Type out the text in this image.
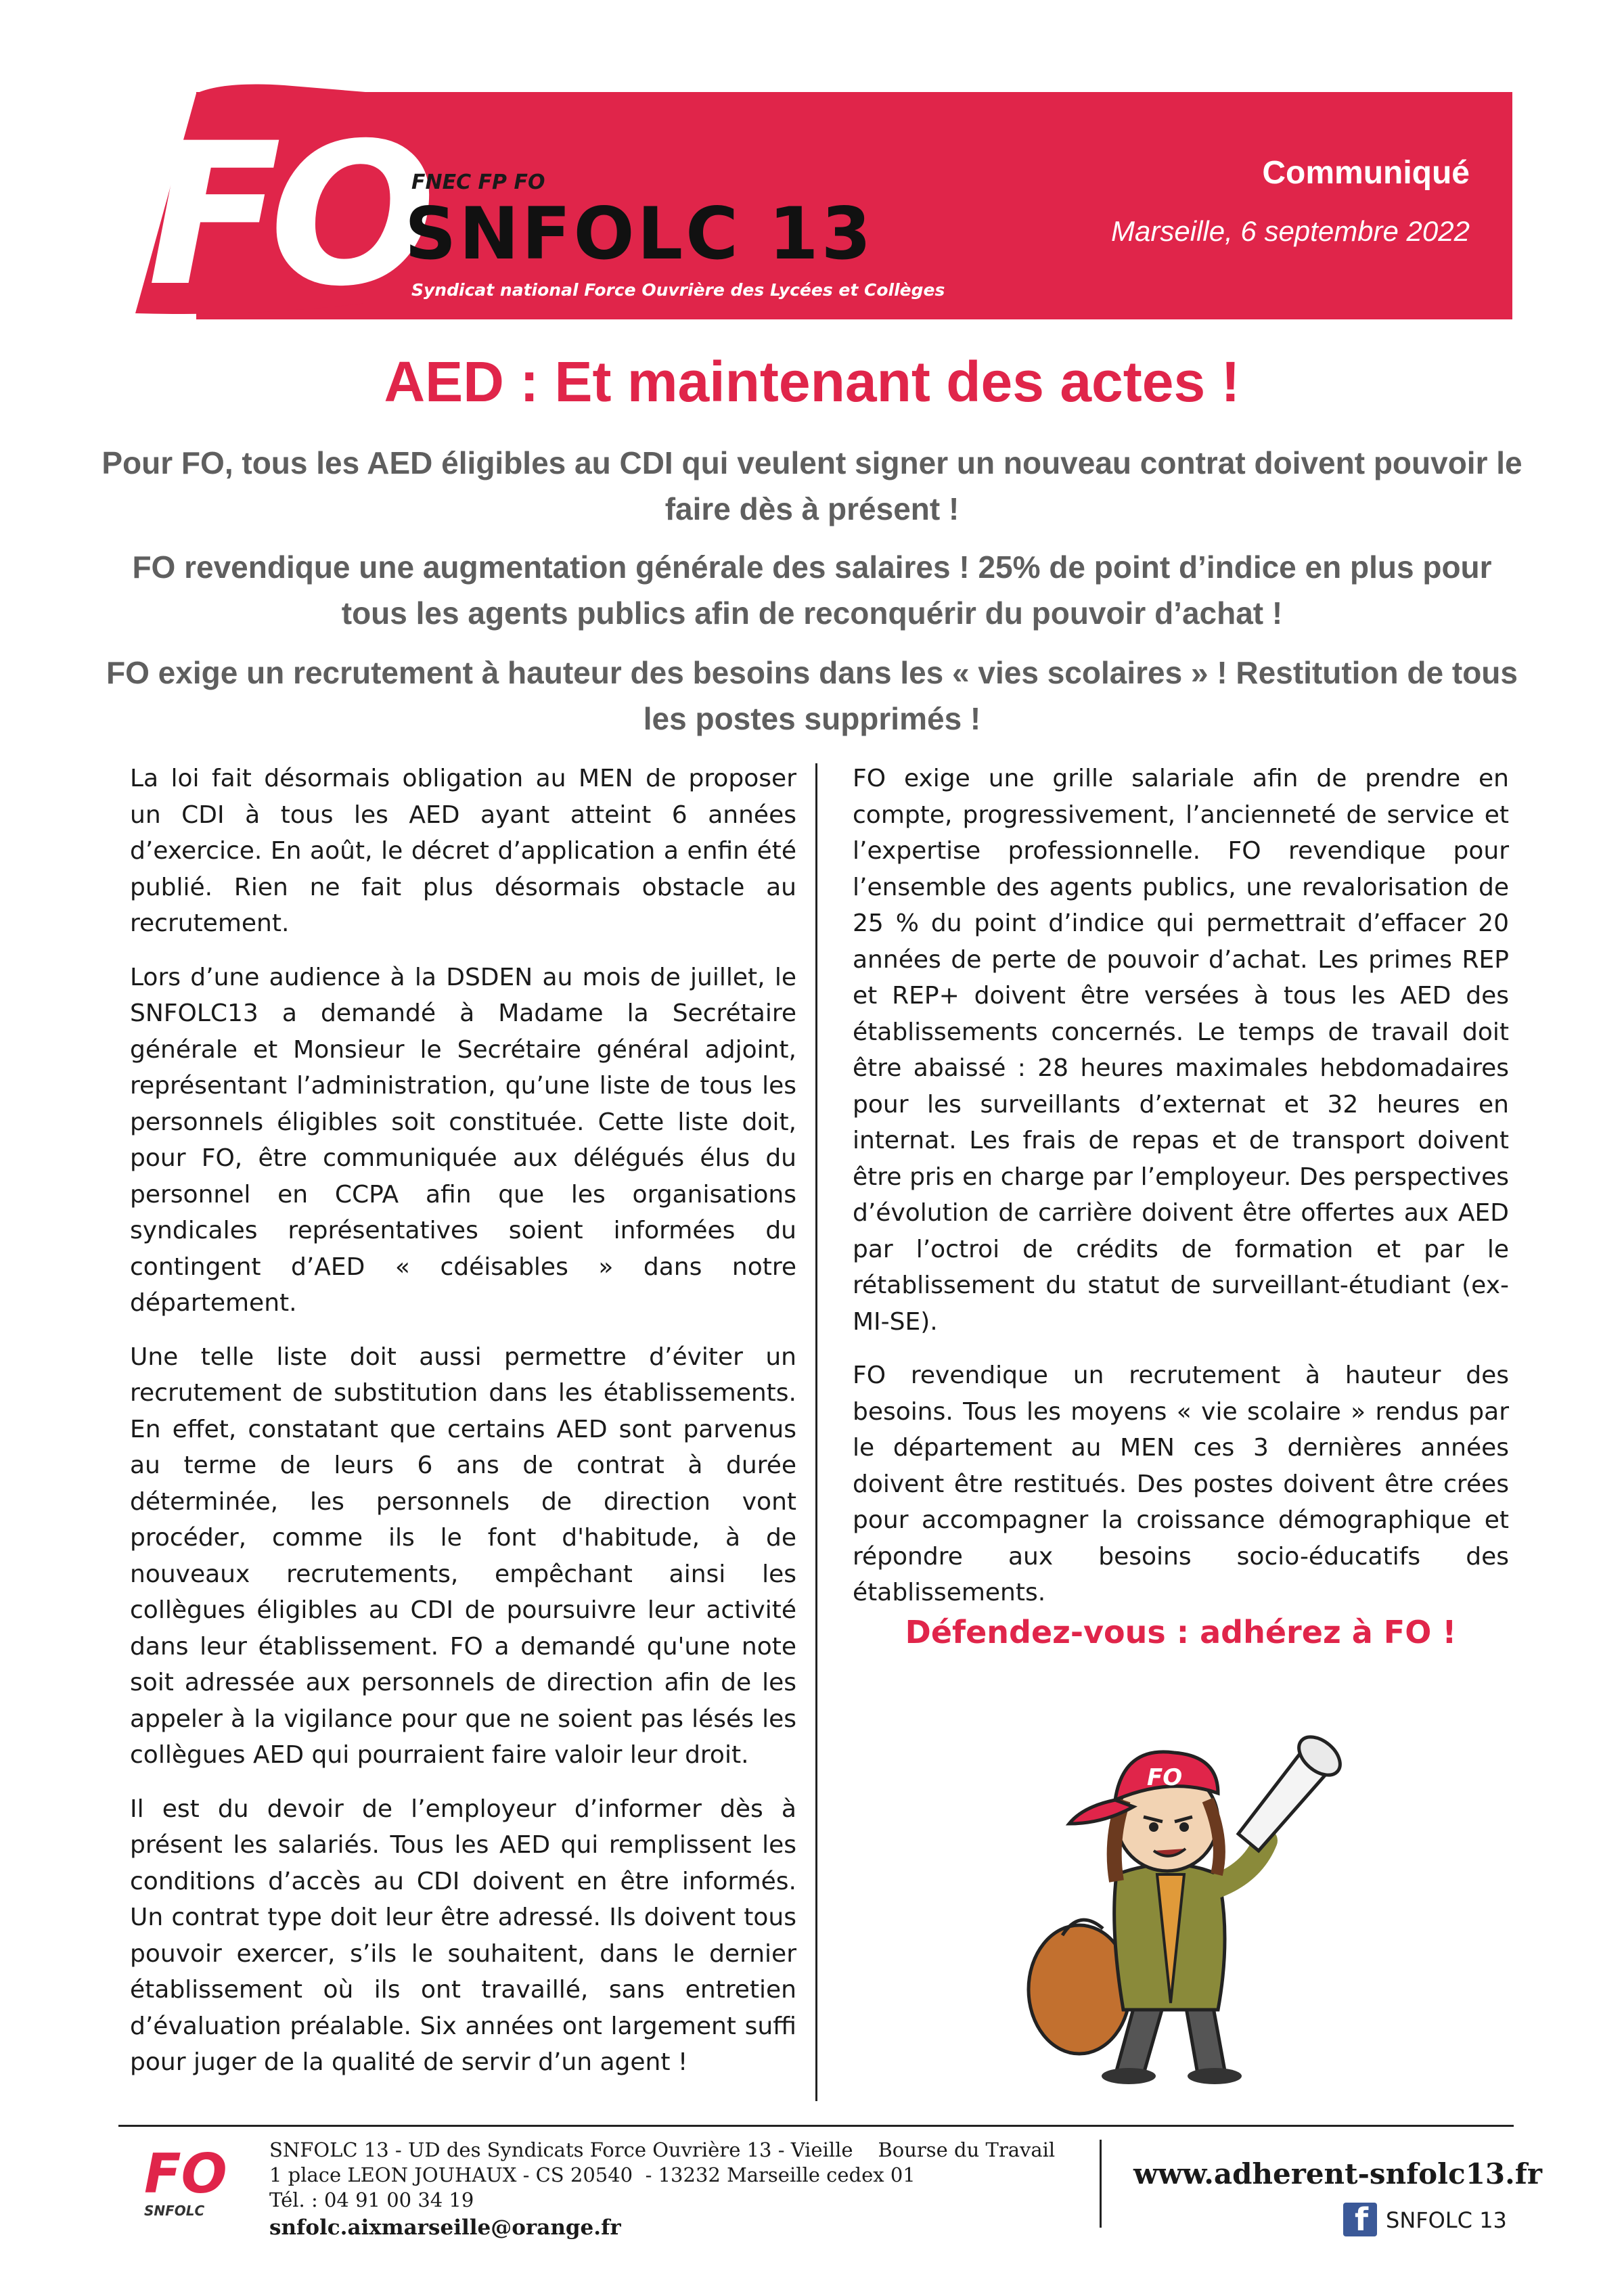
FO
FNEC FP FO
SNFOLC 13
Syndicat national Force Ouvrière des Lycées et Collèges
Communiqué
Marseille, 6 septembre 2022
AED : Et maintenant des actes !
Pour FO, tous les AED éligibles au CDI qui veulent signer un nouveau contrat doivent pouvoir le faire dès à présent !
FO revendique une augmentation générale des salaires ! 25% de point d’indice en plus pour tous les agents publics afin de reconquérir du pouvoir d’achat !
FO exige un recrutement à hauteur des besoins dans les « vies scolaires » ! Restitution de tous les postes supprimés !

La loi fait désormais obligation au MEN de proposer un CDI à tous les AED ayant atteint 6 années d’exercice. En août, le décret d’application a enfin été publié. Rien ne fait plus désormais obstacle au recrutement.

Lors d’une audience à la DSDEN au mois de juillet, le SNFOLC13 a demandé à Madame la Secrétaire générale et Monsieur le Secrétaire général adjoint, représentant l’administration, qu’une liste de tous les personnels éligibles soit constituée. Cette liste doit, pour FO, être communiquée aux délégués élus du personnel en CCPA afin que les organisations syndicales représentatives soient informées du contingent d’AED « cdéisables » dans notre département.

Une telle liste doit aussi permettre d’éviter un recrutement de substitution dans les établissements. En effet, constatant que certains AED sont parvenus au terme de leurs 6 ans de contrat à durée déterminée, les personnels de direction vont procéder, comme ils le font d'habitude, à de nouveaux recrutements, empêchant ainsi les collègues éligibles au CDI de poursuivre leur activité dans leur établissement. FO a demandé qu'une note soit adressée aux personnels de direction afin de les appeler à la vigilance pour que ne soient pas lésés les collègues AED qui pourraient faire valoir leur droit.

Il est du devoir de l’employeur d’informer dès à présent les salariés. Tous les AED qui remplissent les conditions d’accès au CDI doivent en être informés. Un contrat type doit leur être adressé. Ils doivent tous pouvoir exercer, s’ils le souhaitent, dans le dernier établissement où ils ont travaillé, sans entretien d’évaluation préalable. Six années ont largement suffi pour juger de la qualité de servir d’un agent !

FO exige une grille salariale afin de prendre en compte, progressivement, l’ancienneté de service et l’expertise professionnelle. FO revendique pour l’ensemble des agents publics, une revalorisation de 25 % du point d’indice qui permettrait d’effacer 20 années de perte de pouvoir d’achat. Les primes REP et REP+ doivent être versées à tous les AED des établissements concernés. Le temps de travail doit être abaissé : 28 heures maximales hebdomadaires pour les surveillants d’externat et 32 heures en internat. Les frais de repas et de transport doivent être pris en charge par l’employeur. Des perspectives d’évolution de carrière doivent être offertes aux AED par l’octroi de crédits de formation et par le rétablissement du statut de surveillant-étudiant (ex-MI-SE).

FO revendique un recrutement à hauteur des besoins. Tous les moyens « vie scolaire » rendus par le département au MEN ces 3 dernières années doivent être restitués. Des postes doivent être crées pour accompagner la croissance démographique et répondre aux besoins socio-éducatifs des établissements.

Défendez-vous : adhérez à FO !
FO
FO
SNFOLC
SNFOLC 13 - UD des Syndicats Force Ouvrière 13 - Vieille    Bourse du Travail
1 place LEON JOUHAUX - CS 20540  - 13232 Marseille cedex 01
Tél. : 04 91 00 34 19
snfolc.aixmarseille@orange.fr
www.adherent-snfolc13.fr
f SNFOLC 13
